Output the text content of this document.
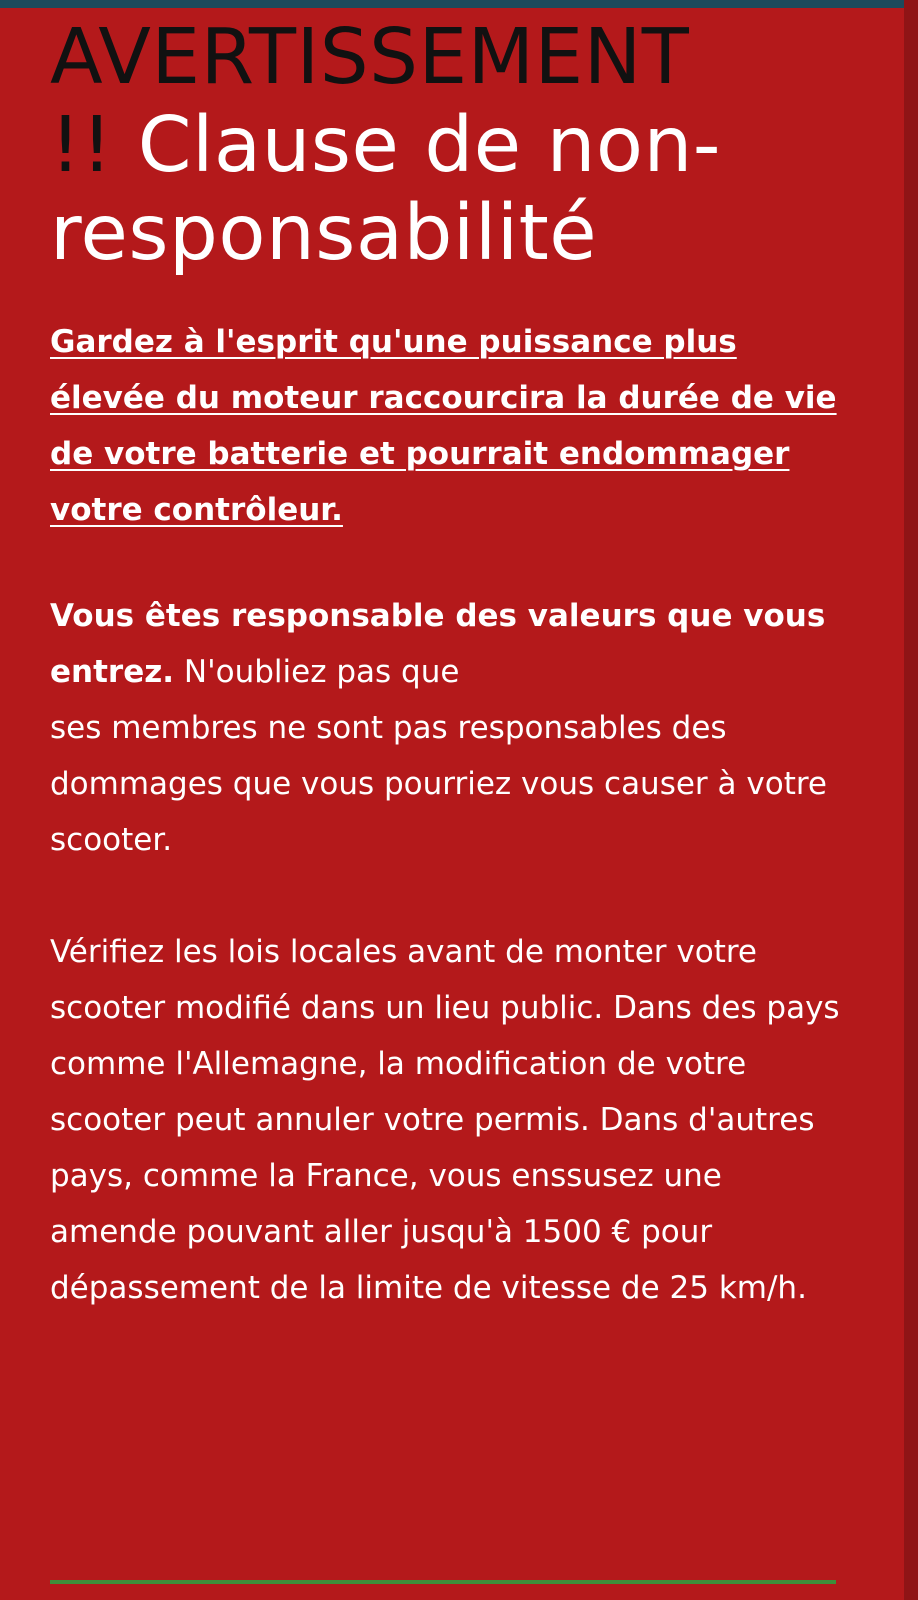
AVERTISSEMENT
!! Clause de non-responsabilité

Gardez à l'esprit qu'une puissance plus élevée du moteur raccourcira la durée de vie de votre batterie et pourrait endommager votre contrôleur.

Vous êtes responsable des valeurs que vous entrez. N'oubliez pas que  ses membres ne sont pas responsables des dommages que vous pourriez vous causer à votre scooter.

Vérifiez les lois locales avant de monter votre scooter modifié dans un lieu public. Dans des pays comme l'Allemagne, la modification de votre scooter peut annuler votre permis. Dans d'autres pays, comme la France, vous enssusez une amende pouvant aller jusqu'à 1500 € pour dépassement de la limite de vitesse de 25 km/h.
